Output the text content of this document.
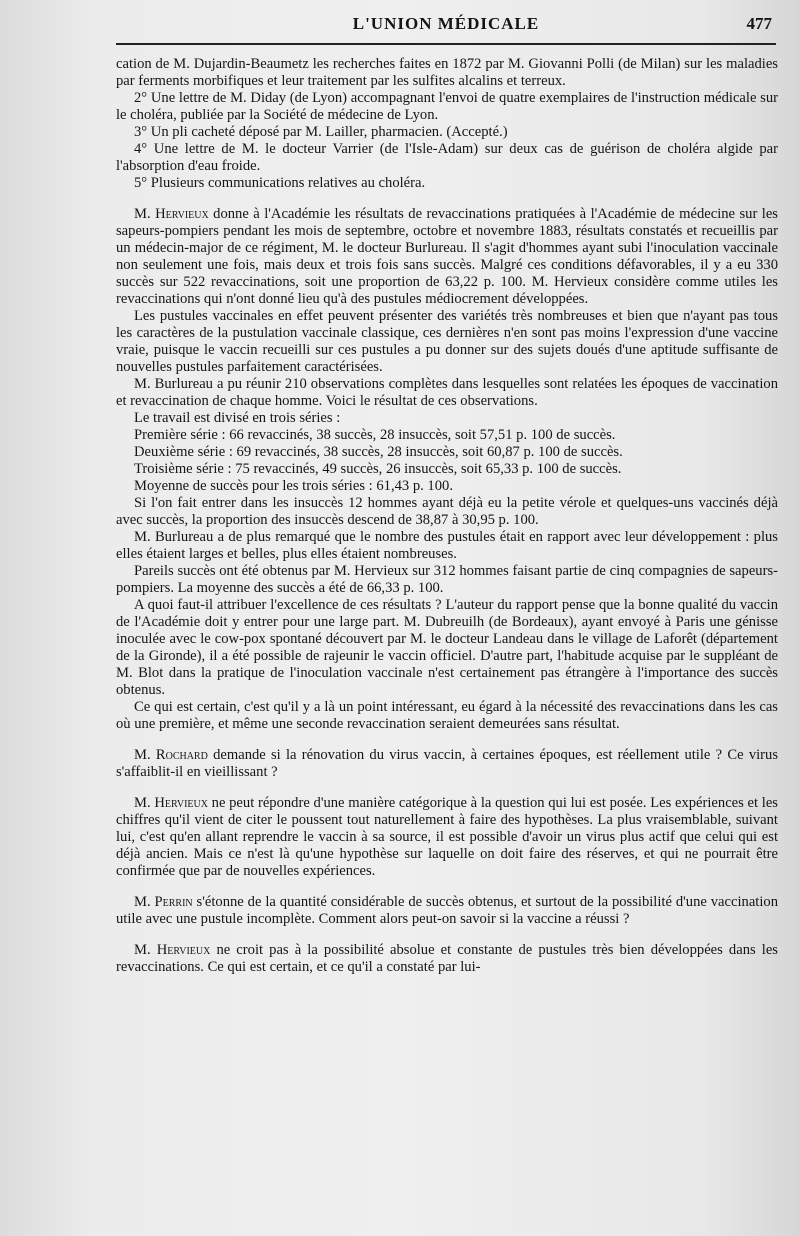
L'UNION MÉDICALE	477

cation de M. Dujardin-Beaumetz les recherches faites en 1872 par M. Giovanni Polli (de Milan) sur les maladies par ferments morbifiques et leur traitement par les sulfites alcalins et terreux.

2° Une lettre de M. Diday (de Lyon) accompagnant l'envoi de quatre exemplaires de l'instruction médicale sur le choléra, publiée par la Société de médecine de Lyon.

3° Un pli cacheté déposé par M. Lailler, pharmacien. (Accepté.)

4° Une lettre de M. le docteur Varrier (de l'Isle-Adam) sur deux cas de guérison de choléra algide par l'absorption d'eau froide.

5° Plusieurs communications relatives au choléra.

M. Hervieux donne à l'Académie les résultats de revaccinations pratiquées à l'Académie de médecine sur les sapeurs-pompiers pendant les mois de septembre, octobre et novembre 1883, résultats constatés et recueillis par un médecin-major de ce régiment, M. le docteur Burlureau. Il s'agit d'hommes ayant subi l'inoculation vaccinale non seulement une fois, mais deux et trois fois sans succès. Malgré ces conditions défavorables, il y a eu 330 succès sur 522 revaccinations, soit une proportion de 63,22 p. 100. M. Hervieux considère comme utiles les revaccinations qui n'ont donné lieu qu'à des pustules médiocrement développées.

Les pustules vaccinales en effet peuvent présenter des variétés très nombreuses et bien que n'ayant pas tous les caractères de la pustulation vaccinale classique, ces dernières n'en sont pas moins l'expression d'une vaccine vraie, puisque le vaccin recueilli sur ces pustules a pu donner sur des sujets doués d'une aptitude suffisante de nouvelles pustules parfaitement caractérisées.

M. Burlureau a pu réunir 210 observations complètes dans lesquelles sont relatées les époques de vaccination et revaccination de chaque homme. Voici le résultat de ces observations.

Le travail est divisé en trois séries :

Première série : 66 revaccinés, 38 succès, 28 insuccès, soit 57,51 p. 100 de succès.

Deuxième série : 69 revaccinés, 38 succès, 28 insuccès, soit 60,87 p. 100 de succès.

Troisième série : 75 revaccinés, 49 succès, 26 insuccès, soit 65,33 p. 100 de succès.

Moyenne de succès pour les trois séries : 61,43 p. 100.

Si l'on fait entrer dans les insuccès 12 hommes ayant déjà eu la petite vérole et quelques-uns vaccinés déjà avec succès, la proportion des insuccès descend de 38,87 à 30,95 p. 100.

M. Burlureau a de plus remarqué que le nombre des pustules était en rapport avec leur développement : plus elles étaient larges et belles, plus elles étaient nombreuses.

Pareils succès ont été obtenus par M. Hervieux sur 312 hommes faisant partie de cinq compagnies de sapeurs-pompiers. La moyenne des succès a été de 66,33 p. 100.

A quoi faut-il attribuer l'excellence de ces résultats ? L'auteur du rapport pense que la bonne qualité du vaccin de l'Académie doit y entrer pour une large part. M. Dubreuilh (de Bordeaux), ayant envoyé à Paris une génisse inoculée avec le cow-pox spontané découvert par M. le docteur Landeau dans le village de Laforêt (département de la Gironde), il a été possible de rajeunir le vaccin officiel. D'autre part, l'habitude acquise par le suppléant de M. Blot dans la pratique de l'inoculation vaccinale n'est certainement pas étrangère à l'importance des succès obtenus.

Ce qui est certain, c'est qu'il y a là un point intéressant, eu égard à la nécessité des revaccinations dans les cas où une première, et même une seconde revaccination seraient demeurées sans résultat.

M. Rochard demande si la rénovation du virus vaccin, à certaines époques, est réellement utile ? Ce virus s'affaiblit-il en vieillissant ?

M. Hervieux ne peut répondre d'une manière catégorique à la question qui lui est posée. Les expériences et les chiffres qu'il vient de citer le poussent tout naturellement à faire des hypothèses. La plus vraisemblable, suivant lui, c'est qu'en allant reprendre le vaccin à sa source, il est possible d'avoir un virus plus actif que celui qui est déjà ancien. Mais ce n'est là qu'une hypothèse sur laquelle on doit faire des réserves, et qui ne pourrait être confirmée que par de nouvelles expériences.

M. Perrin s'étonne de la quantité considérable de succès obtenus, et surtout de la possibilité d'une vaccination utile avec une pustule incomplète. Comment alors peut-on savoir si la vaccine a réussi ?

M. Hervieux ne croit pas à la possibilité absolue et constante de pustules très bien développées dans les revaccinations. Ce qui est certain, et ce qu'il a constaté par lui-
